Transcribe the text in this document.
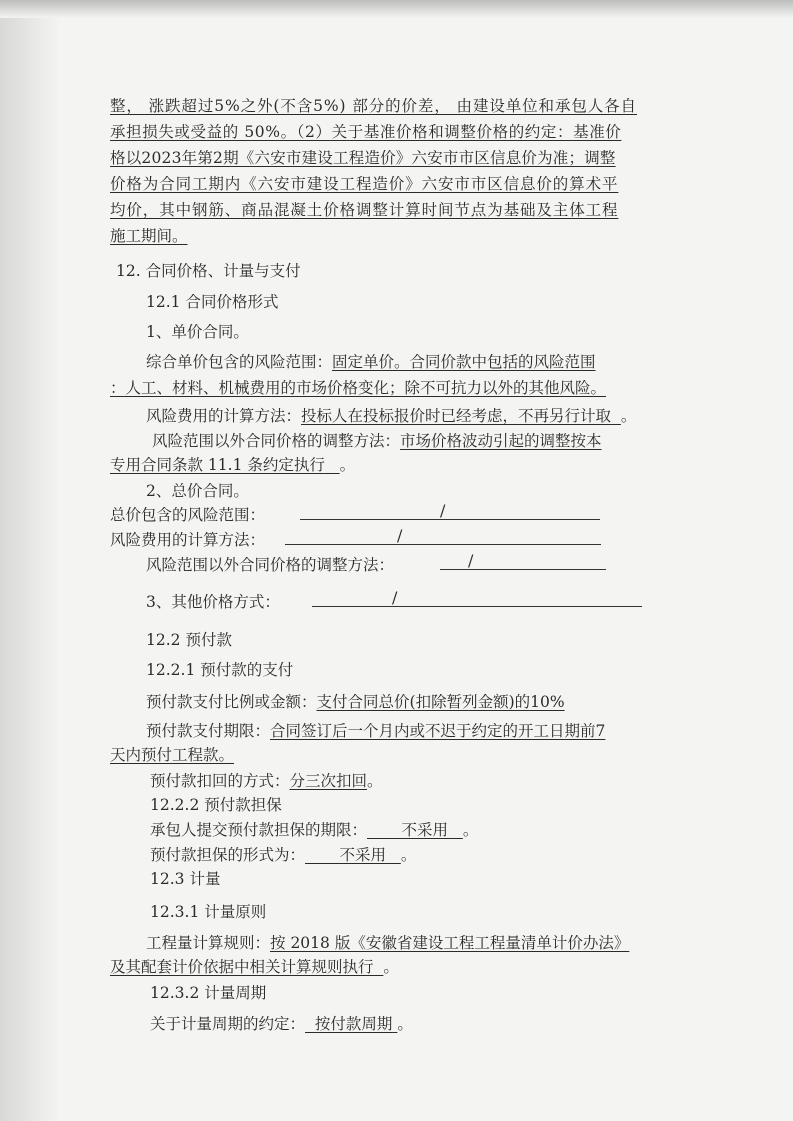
整， 涨跌超过5%之外(不含5%) 部分的价差， 由建设单位和承包人各自
承担损失或受益的 50%。（2）关于基准价格和调整价格的约定：基准价
格以2023年第2期《六安市建设工程造价》六安市市区信息价为准；调整
价格为合同工期内《六安市建设工程造价》六安市市区信息价的算术平
均价，其中钢筋、商品混凝土价格调整计算时间节点为基础及主体工程
施工期间。
12. 合同价格、计量与支付
12.1 合同价格形式
1、单价合同。
综合单价包含的风险范围：固定单价。合同价款中包括的风险范围
：人工、材料、机械费用的市场价格变化；除不可抗力以外的其他风险。
风险费用的计算方法：投标人在投标报价时已经考虑，不再另行计取 。
风险范围以外合同价格的调整方法：市场价格波动引起的调整按本
专用合同条款 11.1 条约定执行 。
2、总价合同。
总价包含的风险范围：	/
风险费用的计算方法：	/
风险范围以外合同价格的调整方法：	/
3、其他价格方式：	/
12.2 预付款
12.2.1 预付款的支付
预付款支付比例或金额：支付合同总价(扣除暂列金额)的10%
预付款支付期限：合同签订后一个月内或不迟于约定的开工日期前7
天内预付工程款。
预付款扣回的方式：分三次扣回。
12.2.2 预付款担保
承包人提交预付款担保的期限： 不采用 。
预付款担保的形式为： 不采用 。
12.3 计量
12.3.1 计量原则
工程量计算规则：按 2018 版《安徽省建设工程工程量清单计价办法》
及其配套计价依据中相关计算规则执行 。
12.3.2 计量周期
关于计量周期的约定： 按付款周期 。
